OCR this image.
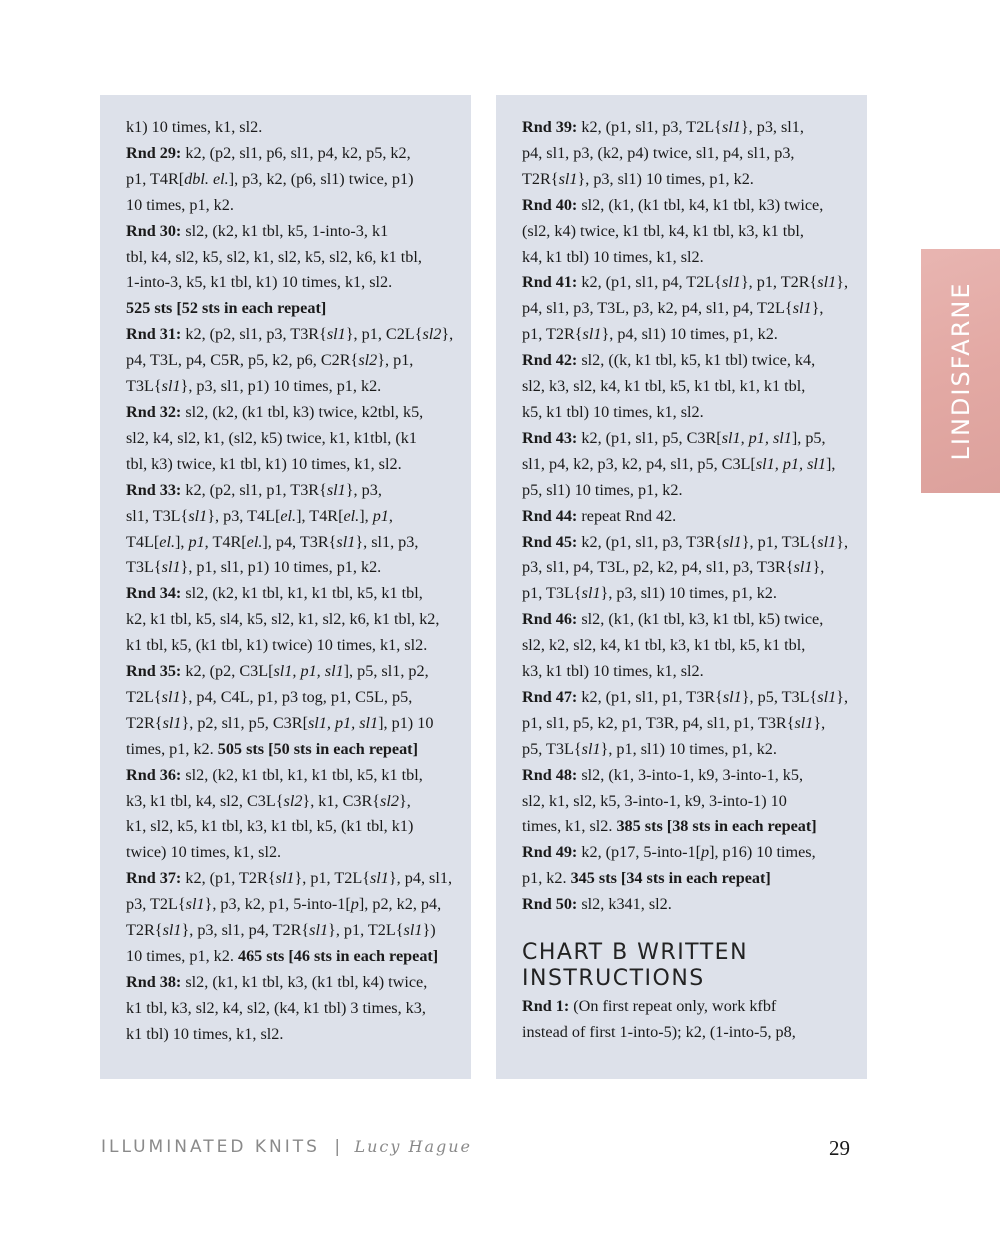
k1) 10 times, k1, sl2.
Rnd 29: k2, (p2, sl1, p6, sl1, p4, k2, p5, k2,
p1, T4R[dbl. el.], p3, k2, (p6, sl1) twice, p1)
10 times, p1, k2.
Rnd 30: sl2, (k2, k1 tbl, k5, 1-into-3, k1
tbl, k4, sl2, k5, sl2, k1, sl2, k5, sl2, k6, k1 tbl,
1-into-3, k5, k1 tbl, k1) 10 times, k1, sl2.
525 sts [52 sts in each repeat]
Rnd 31: k2, (p2, sl1, p3, T3R{sl1}, p1, C2L{sl2},
p4, T3L, p4, C5R, p5, k2, p6, C2R{sl2}, p1,
T3L{sl1}, p3, sl1, p1) 10 times, p1, k2.
Rnd 32: sl2, (k2, (k1 tbl, k3) twice, k2tbl, k5,
sl2, k4, sl2, k1, (sl2, k5) twice, k1, k1tbl, (k1
tbl, k3) twice, k1 tbl, k1) 10 times, k1, sl2.
Rnd 33: k2, (p2, sl1, p1, T3R{sl1}, p3,
sl1, T3L{sl1}, p3, T4L[el.], T4R[el.], p1,
T4L[el.], p1, T4R[el.], p4, T3R{sl1}, sl1, p3,
T3L{sl1}, p1, sl1, p1) 10 times, p1, k2.
Rnd 34: sl2, (k2, k1 tbl, k1, k1 tbl, k5, k1 tbl,
k2, k1 tbl, k5, sl4, k5, sl2, k1, sl2, k6, k1 tbl, k2,
k1 tbl, k5, (k1 tbl, k1) twice) 10 times, k1, sl2.
Rnd 35: k2, (p2, C3L[sl1, p1, sl1], p5, sl1, p2,
T2L{sl1}, p4, C4L, p1, p3 tog, p1, C5L, p5,
T2R{sl1}, p2, sl1, p5, C3R[sl1, p1, sl1], p1) 10
times, p1, k2. 505 sts [50 sts in each repeat]
Rnd 36: sl2, (k2, k1 tbl, k1, k1 tbl, k5, k1 tbl,
k3, k1 tbl, k4, sl2, C3L{sl2}, k1, C3R{sl2},
k1, sl2, k5, k1 tbl, k3, k1 tbl, k5, (k1 tbl, k1)
twice) 10 times, k1, sl2.
Rnd 37: k2, (p1, T2R{sl1}, p1, T2L{sl1}, p4, sl1,
p3, T2L{sl1}, p3, k2, p1, 5-into-1[p], p2, k2, p4,
T2R{sl1}, p3, sl1, p4, T2R{sl1}, p1, T2L{sl1})
10 times, p1, k2. 465 sts [46 sts in each repeat]
Rnd 38: sl2, (k1, k1 tbl, k3, (k1 tbl, k4) twice,
k1 tbl, k3, sl2, k4, sl2, (k4, k1 tbl) 3 times, k3,
k1 tbl) 10 times, k1, sl2.
Rnd 39: k2, (p1, sl1, p3, T2L{sl1}, p3, sl1,
p4, sl1, p3, (k2, p4) twice, sl1, p4, sl1, p3,
T2R{sl1}, p3, sl1) 10 times, p1, k2.
Rnd 40: sl2, (k1, (k1 tbl, k4, k1 tbl, k3) twice,
(sl2, k4) twice, k1 tbl, k4, k1 tbl, k3, k1 tbl,
k4, k1 tbl) 10 times, k1, sl2.
Rnd 41: k2, (p1, sl1, p4, T2L{sl1}, p1, T2R{sl1},
p4, sl1, p3, T3L, p3, k2, p4, sl1, p4, T2L{sl1},
p1, T2R{sl1}, p4, sl1) 10 times, p1, k2.
Rnd 42: sl2, ((k, k1 tbl, k5, k1 tbl) twice, k4,
sl2, k3, sl2, k4, k1 tbl, k5, k1 tbl, k1, k1 tbl,
k5, k1 tbl) 10 times, k1, sl2.
Rnd 43: k2, (p1, sl1, p5, C3R[sl1, p1, sl1], p5,
sl1, p4, k2, p3, k2, p4, sl1, p5, C3L[sl1, p1, sl1],
p5, sl1) 10 times, p1, k2.
Rnd 44: repeat Rnd 42.
Rnd 45: k2, (p1, sl1, p3, T3R{sl1}, p1, T3L{sl1},
p3, sl1, p4, T3L, p2, k2, p4, sl1, p3, T3R{sl1},
p1, T3L{sl1}, p3, sl1) 10 times, p1, k2.
Rnd 46: sl2, (k1, (k1 tbl, k3, k1 tbl, k5) twice,
sl2, k2, sl2, k4, k1 tbl, k3, k1 tbl, k5, k1 tbl,
k3, k1 tbl) 10 times, k1, sl2.
Rnd 47: k2, (p1, sl1, p1, T3R{sl1}, p5, T3L{sl1},
p1, sl1, p5, k2, p1, T3R, p4, sl1, p1, T3R{sl1},
p5, T3L{sl1}, p1, sl1) 10 times, p1, k2.
Rnd 48: sl2, (k1, 3-into-1, k9, 3-into-1, k5,
sl2, k1, sl2, k5, 3-into-1, k9, 3-into-1) 10
times, k1, sl2. 385 sts [38 sts in each repeat]
Rnd 49: k2, (p17, 5-into-1[p], p16) 10 times,
p1, k2. 345 sts [34 sts in each repeat]
Rnd 50: sl2, k341, sl2.
CHART B WRITTEN
INSTRUCTIONS
Rnd 1: (On first repeat only, work kfbf
instead of first 1-into-5); k2, (1-into-5, p8,
LINDISFARNE
ILLUMINATED KNITS | Lucy Hague	29
